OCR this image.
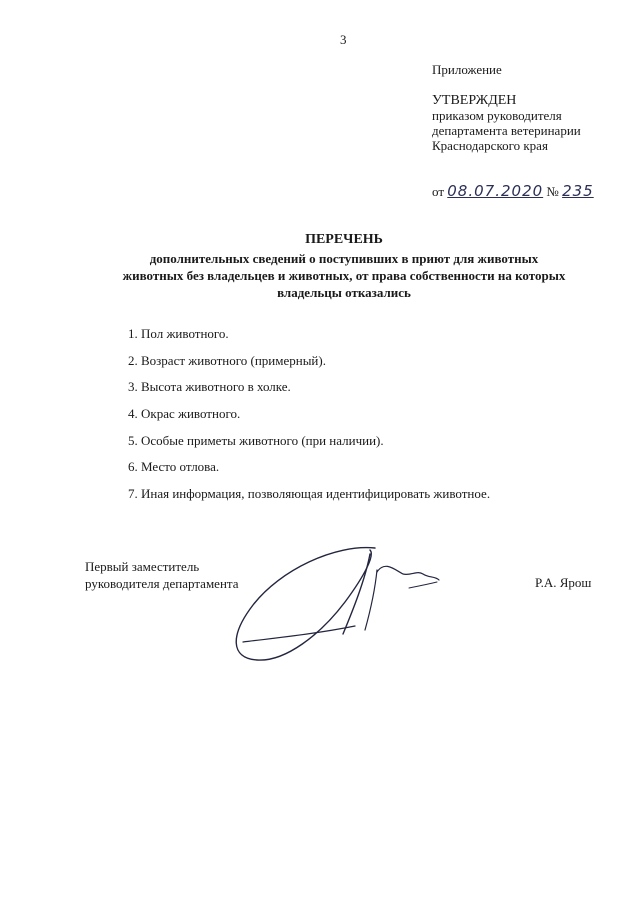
3
Приложение
УТВЕРЖДЕН
приказом руководителя
департамента ветеринарии
Краснодарского края
от 08.07.2020 № 235
ПЕРЕЧЕНЬ
дополнительных сведений о поступивших в приют для животных
животных без владельцев и животных, от права собственности на которых
владельцы отказались
1. Пол животного.
2. Возраст животного (примерный).
3. Высота животного в холке.
4. Окрас животного.
5. Особые приметы животного (при наличии).
6. Место отлова.
7. Иная информация, позволяющая идентифицировать животное.
Первый заместитель
руководителя департамента	Р.А. Ярош
